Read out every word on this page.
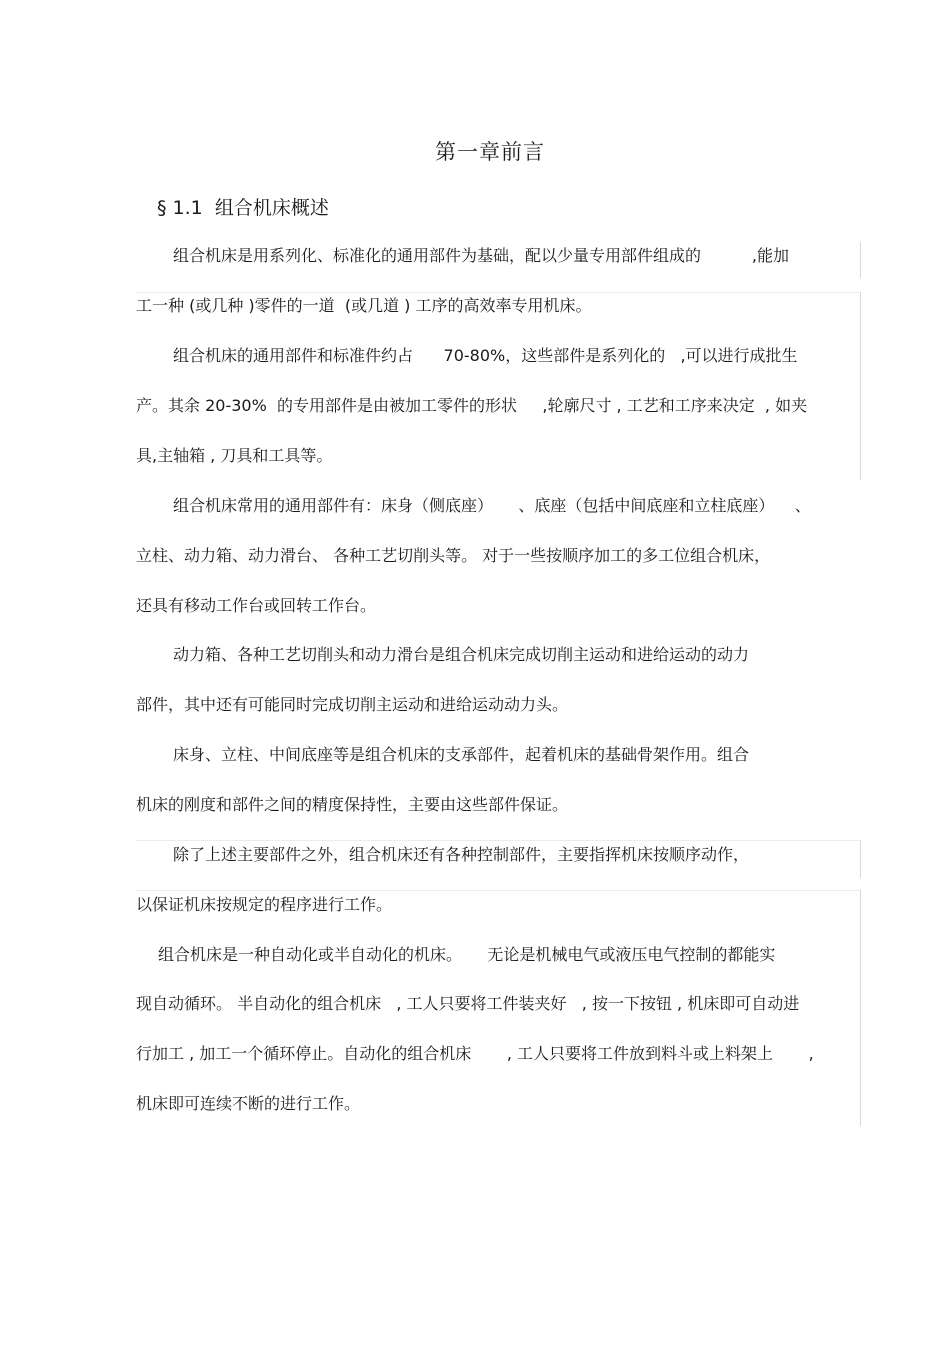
第一章前言
§ 1.1  组合机床概述
组合机床是用系列化、标准化的通用部件为基础，配以少量专用部件组成的          ,能加
工一种 (或几种 )零件的一道  (或几道 ) 工序的高效率专用机床。
组合机床的通用部件和标准件约占      70-80%，这些部件是系列化的   ,可以进行成批生
产。其余 20-30%  的专用部件是由被加工零件的形状     ,轮廓尺寸 , 工艺和工序来决定  , 如夹
具,主轴箱 , 刀具和工具等。
组合机床常用的通用部件有：床身（侧底座）     、底座（包括中间底座和立柱底座）    、
立柱、动力箱、动力滑台、 各种工艺切削头等。 对于一些按顺序加工的多工位组合机床，
还具有移动工作台或回转工作台。
动力箱、各种工艺切削头和动力滑台是组合机床完成切削主运动和进给运动的动力
部件，其中还有可能同时完成切削主运动和进给运动动力头。
床身、立柱、中间底座等是组合机床的支承部件，起着机床的基础骨架作用。组合
机床的刚度和部件之间的精度保持性，主要由这些部件保证。
除了上述主要部件之外，组合机床还有各种控制部件，主要指挥机床按顺序动作，
以保证机床按规定的程序进行工作。
组合机床是一种自动化或半自动化的机床。     无论是机械电气或液压电气控制的都能实
现自动循环。 半自动化的组合机床   , 工人只要将工件装夹好   , 按一下按钮 , 机床即可自动进
行加工 , 加工一个循环停止。自动化的组合机床       , 工人只要将工件放到料斗或上料架上       ,
机床即可连续不断的进行工作。
